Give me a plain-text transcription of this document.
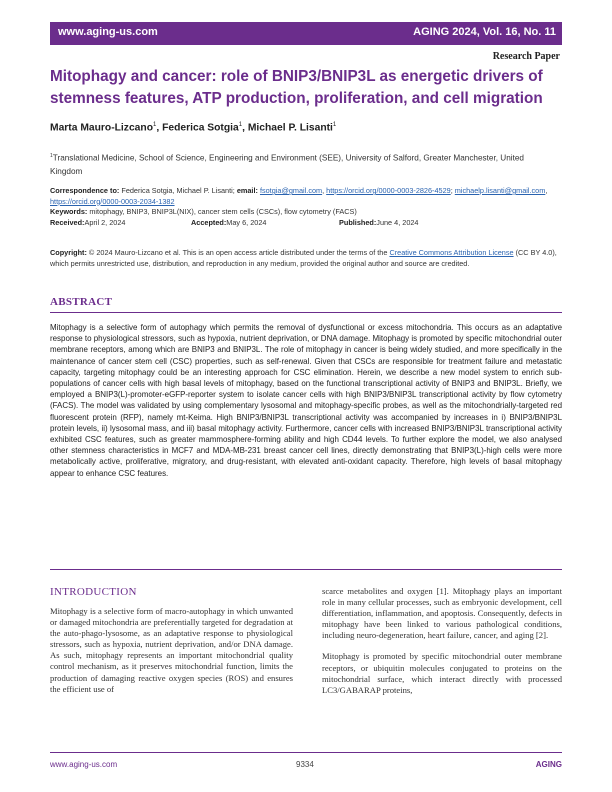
www.aging-us.com	AGING 2024, Vol. 16, No. 11
Research Paper
Mitophagy and cancer: role of BNIP3/BNIP3L as energetic drivers of stemness features, ATP production, proliferation, and cell migration
Marta Mauro-Lizcano$^1$, Federica Sotgia$^1$, Michael P. Lisanti$^1$
$^1$Translational Medicine, School of Science, Engineering and Environment (SEE), University of Salford, Greater Manchester, United Kingdom
Correspondence to: Federica Sotgia, Michael P. Lisanti; email: fsotgia@gmail.com, https://orcid.org/0000-0003-2826-4529; michaelp.lisanti@gmail.com, https://orcid.org/0000-0003-2034-1382
Keywords: mitophagy, BNIP3, BNIP3L(NIX), cancer stem cells (CSCs), flow cytometry (FACS)
Received: April 2, 2024	Accepted: May 6, 2024	Published: June 4, 2024
Copyright: © 2024 Mauro-Lizcano et al. This is an open access article distributed under the terms of the Creative Commons Attribution License (CC BY 4.0), which permits unrestricted use, distribution, and reproduction in any medium, provided the original author and source are credited.
ABSTRACT
Mitophagy is a selective form of autophagy which permits the removal of dysfunctional or excess mitochondria. This occurs as an adaptative response to physiological stressors, such as hypoxia, nutrient deprivation, or DNA damage. Mitophagy is promoted by specific mitochondrial outer membrane receptors, among which are BNIP3 and BNIP3L. The role of mitophagy in cancer is being widely studied, and more specifically in the maintenance of cancer stem cell (CSC) properties, such as self-renewal. Given that CSCs are responsible for treatment failure and metastatic capacity, targeting mitophagy could be an interesting approach for CSC elimination. Herein, we describe a new model system to enrich sub-populations of cancer cells with high basal levels of mitophagy, based on the functional transcriptional activity of BNIP3 and BNIP3L. Briefly, we employed a BNIP3(L)-promoter-eGFP-reporter system to isolate cancer cells with high BNIP3/BNIP3L transcriptional activity by flow cytometry (FACS). The model was validated by using complementary lysosomal and mitophagy-specific probes, as well as the mitochondrially-targeted red fluorescent protein (RFP), namely mt-Keima. High BNIP3/BNIP3L transcriptional activity was accompanied by increases in i) BNIP3/BNIP3L protein levels, ii) lysosomal mass, and iii) basal mitophagy activity. Furthermore, cancer cells with increased BNIP3/BNIP3L transcriptional activity exhibited CSC features, such as greater mammosphere-forming ability and high CD44 levels. To further explore the model, we also analysed other stemness characteristics in MCF7 and MDA-MB-231 breast cancer cell lines, directly demonstrating that BNIP3(L)-high cells were more metabolically active, proliferative, migratory, and drug-resistant, with elevated anti-oxidant capacity. Therefore, high levels of basal mitophagy appear to enhance CSC features.
INTRODUCTION

Mitophagy is a selective form of macro-autophagy in which unwanted or damaged mitochondria are preferentially targeted for degradation at the auto-phago-lysosome, as an adaptative response to physiological stressors, such as hypoxia, nutrient deprivation, and/or DNA damage. As such, mitophagy represents an important mitochondrial quality control mechanism, as it preserves mitochondrial function, limits the production of damaging reactive oxygen species (ROS) and ensures the efficient use of

scarce metabolites and oxygen [1]. Mitophagy plays an important role in many cellular processes, such as embryonic development, cell differentiation, inflammation, and apoptosis. Consequently, defects in mitophagy have been linked to various pathological conditions, including neuro-degeneration, heart failure, cancer, and aging [2].

Mitophagy is promoted by specific mitochondrial outer membrane receptors, or ubiquitin molecules conjugated to proteins on the mitochondrial surface, which interact directly with processed LC3/GABARAP proteins,

www.aging-us.com	9334	AGING
